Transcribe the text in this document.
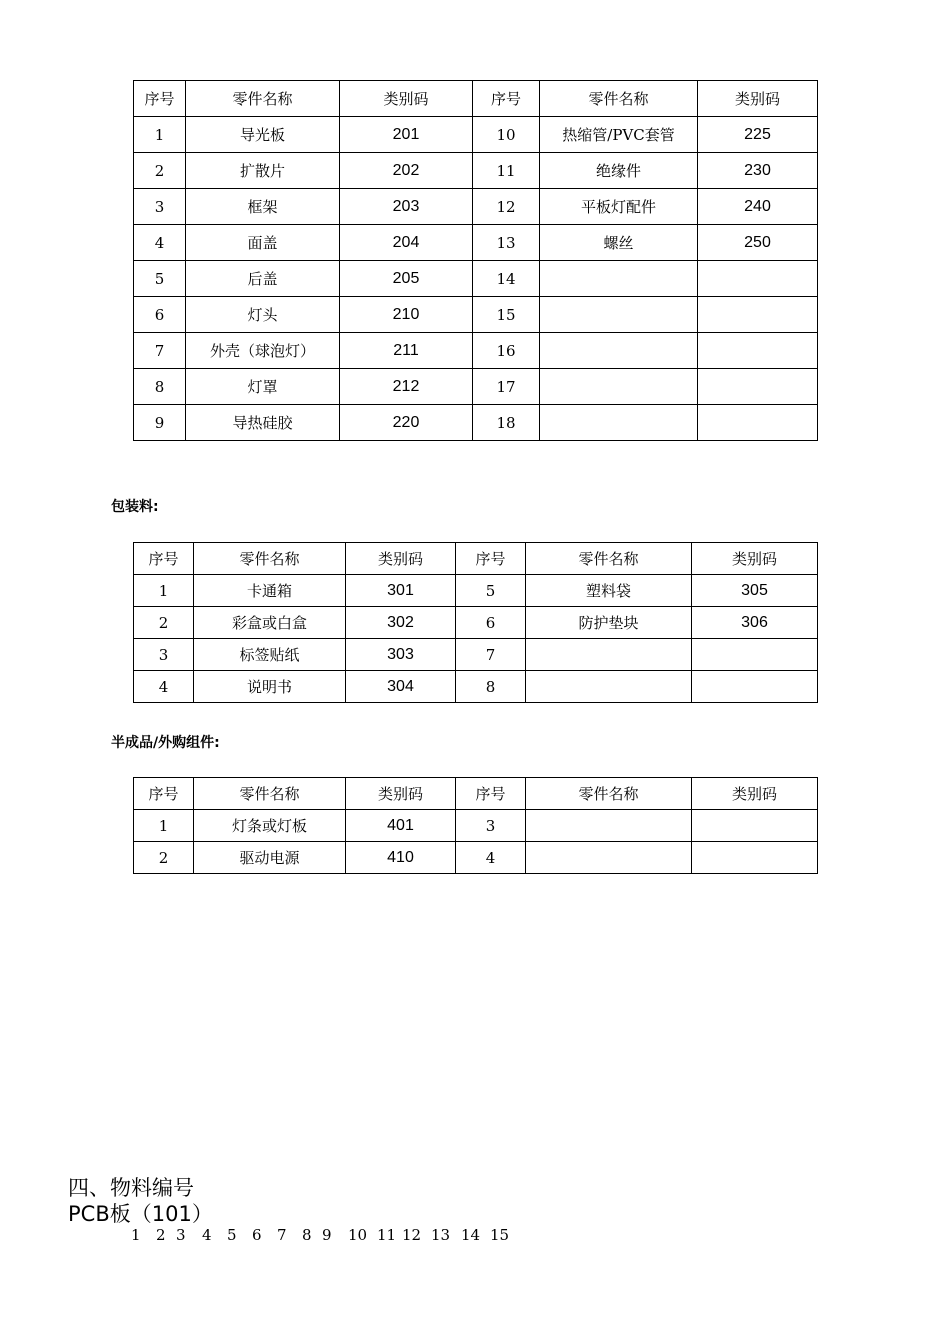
序号	零件名称	类别码	序号	零件名称	类别码
1	导光板	201	10	热缩管/PVC套管	225
2	扩散片	202	11	绝缘件	230
3	框架	203	12	平板灯配件	240
4	面盖	204	13	螺丝	250
5	后盖	205	14		
6	灯头	210	15		
7	外壳（球泡灯）	211	16		
8	灯罩	212	17		
9	导热硅胶	220	18		
包装料:
序号	零件名称	类别码	序号	零件名称	类别码
1	卡通箱	301	5	塑料袋	305
2	彩盒或白盒	302	6	防护垫块	306
3	标签贴纸	303	7		
4	说明书	304	8		
半成品/外购组件:
序号	零件名称	类别码	序号	零件名称	类别码
1	灯条或灯板	401	3		
2	驱动电源	410	4		
四、物料编号
PCB板（101）
1 2 3 4 5 6 7 8 9 10 11 12 13 14 15
